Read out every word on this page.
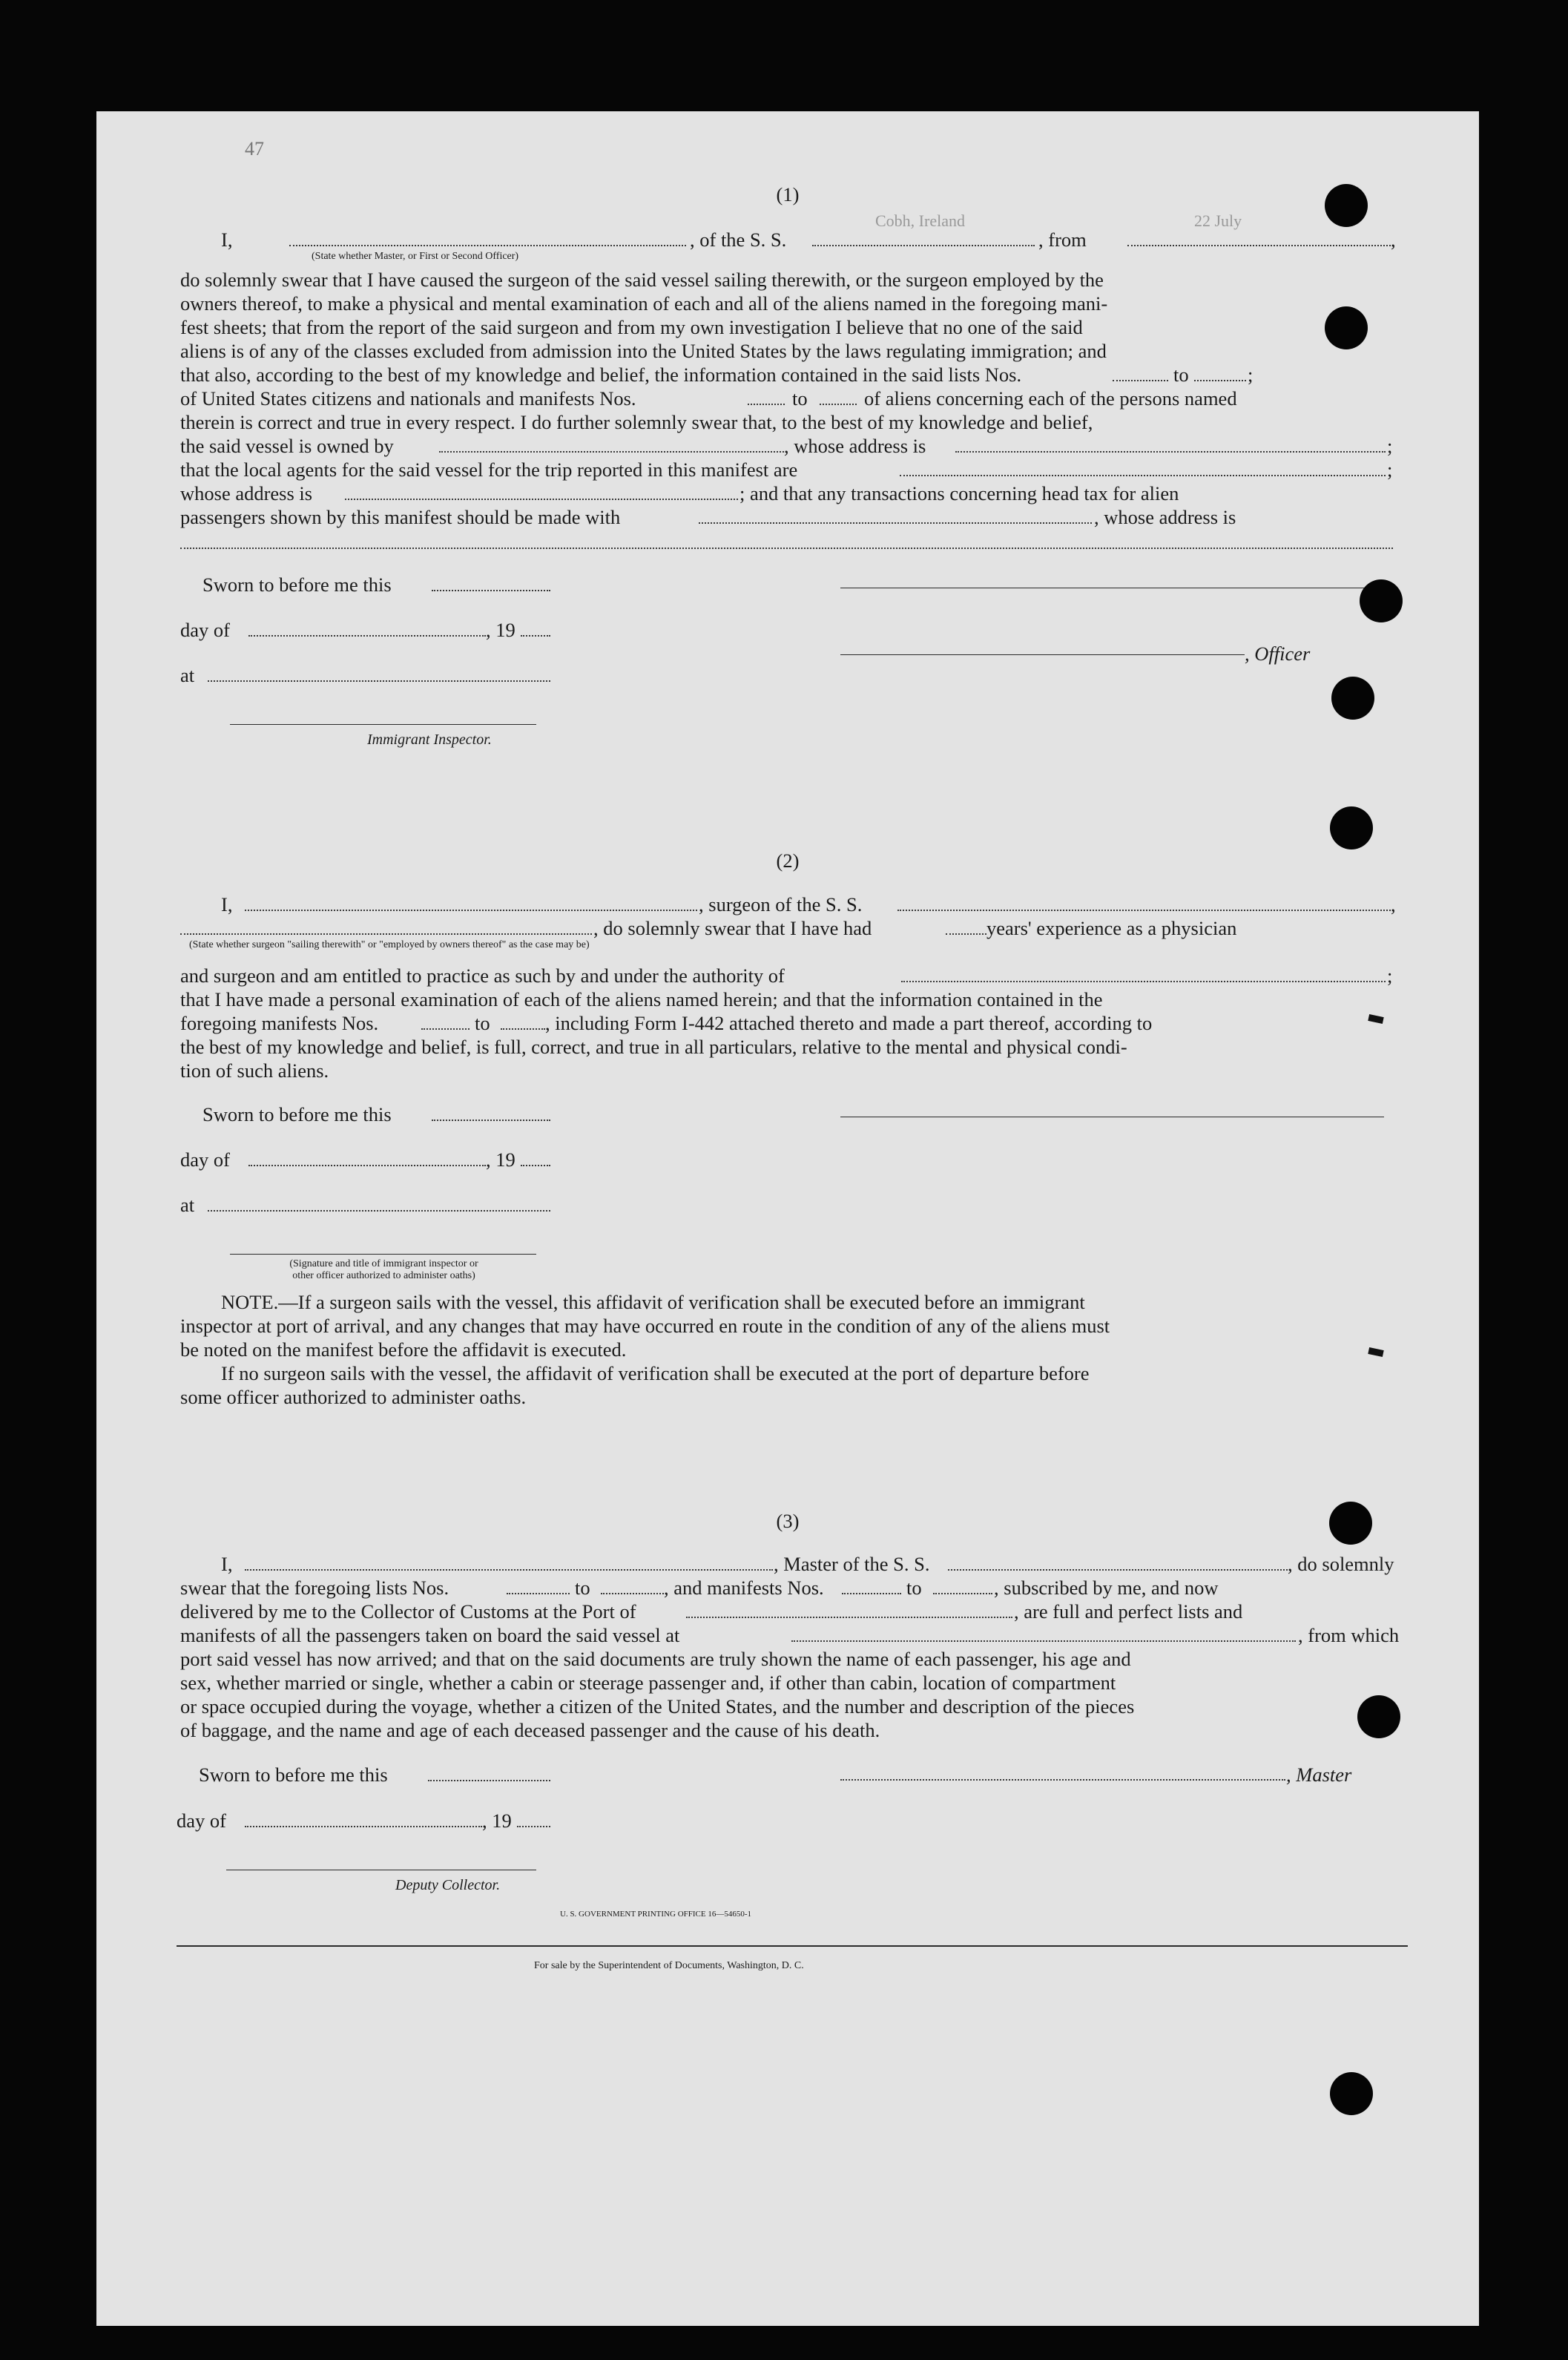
(1)
I,	, of the S. S.	, from	,
(State whether Master, or First or Second Officer)
do solemnly swear that I have caused the surgeon of the said vessel sailing therewith, or the surgeon employed by the
owners thereof, to make a physical and mental examination of each and all of the aliens named in the foregoing mani-
fest sheets; that from the report of the said surgeon and from my own investigation I believe that no one of the said
aliens is of any of the classes excluded from admission into the United States by the laws regulating immigration; and
that also, according to the best of my knowledge and belief, the information contained in the said lists Nos.	to	;
of United States citizens and nationals and manifests Nos.	to	of aliens concerning each of the persons named
therein is correct and true in every respect. I do further solemnly swear that, to the best of my knowledge and belief,
the said vessel is owned by	, whose address is	;
that the local agents for the said vessel for the trip reported in this manifest are	;
whose address is	; and that any transactions concerning head tax for alien
passengers shown by this manifest should be made with	, whose address is
Sworn to before me this
day of	, 19
, Officer
at
Immigrant Inspector.
(2)
I,	, surgeon of the S. S.	,
, do solemnly swear that I have had	years' experience as a physician
(State whether surgeon "sailing therewith" or "employed by owners thereof" as the case may be)
and surgeon and am entitled to practice as such by and under the authority of	;
that I have made a personal examination of each of the aliens named herein; and that the information contained in the
foregoing manifests Nos.	to	, including Form I-442 attached thereto and made a part thereof, according to
the best of my knowledge and belief, is full, correct, and true in all particulars, relative to the mental and physical condi-
tion of such aliens.
Sworn to before me this
day of	, 19
at
(Signature and title of immigrant inspector or
other officer authorized to administer oaths)
NOTE.—If a surgeon sails with the vessel, this affidavit of verification shall be executed before an immigrant
inspector at port of arrival, and any changes that may have occurred en route in the condition of any of the aliens must
be noted on the manifest before the affidavit is executed.
If no surgeon sails with the vessel, the affidavit of verification shall be executed at the port of departure before
some officer authorized to administer oaths.
(3)
I,	, Master of the S. S.	, do solemnly
swear that the foregoing lists Nos.	to	, and manifests Nos.	to	, subscribed by me, and now
delivered by me to the Collector of Customs at the Port of	, are full and perfect lists and
manifests of all the passengers taken on board the said vessel at	, from which
port said vessel has now arrived; and that on the said documents are truly shown the name of each passenger, his age and
sex, whether married or single, whether a cabin or steerage passenger and, if other than cabin, location of compartment
or space occupied during the voyage, whether a citizen of the United States, and the number and description of the pieces
of baggage, and the name and age of each deceased passenger and the cause of his death.
Sworn to before me this	, Master
day of	, 19
Deputy Collector.
U. S. GOVERNMENT PRINTING OFFICE 16—54650-1
For sale by the Superintendent of Documents, Washington, D. C.
47
22 July
Cobh, Ireland
